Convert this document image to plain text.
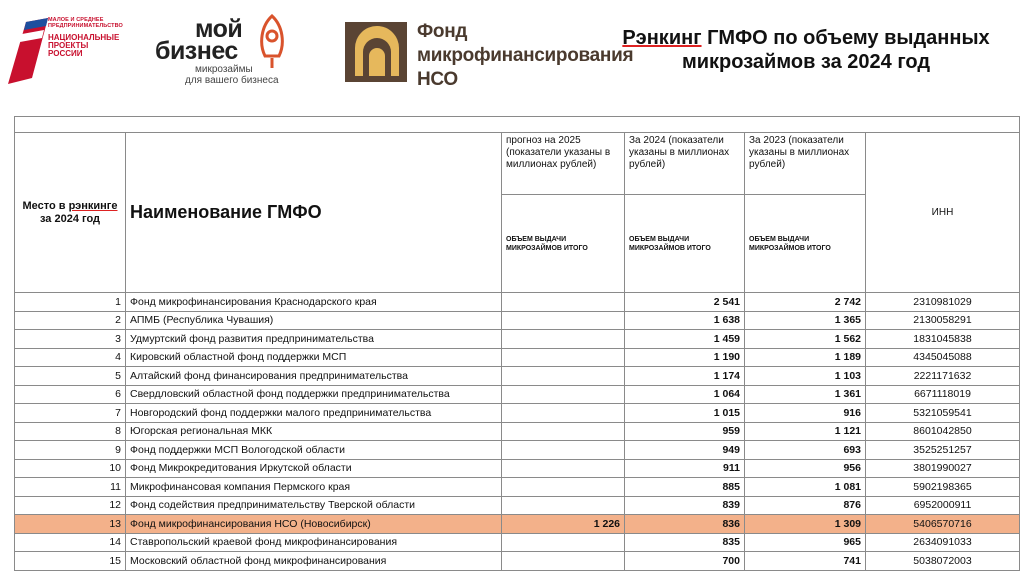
МАЛОЕ И СРЕДНЕЕ
ПРЕДПРИНИМАТЕЛЬСТВО
НАЦИОНАЛЬНЫЕ
ПРОЕКТЫ
РОССИИ
мой
бизнес
микрозаймы
для вашего бизнеса
Фонд
микрофинансирования
НСО
Рэнкинг ГМФО по объему выданных
микрозаймов за 2024 год

Место в рэнкинге
за 2024 год	Наименование ГМФО	прогноз на 2025 (показатели указаны в миллионах рублей)	За 2024 (показатели указаны в миллионах рублей)	За 2023 (показатели указаны в миллионах рублей)	ИНН
		ОБЪЕМ ВЫДАЧИ МИКРОЗАЙМОВ ИТОГО	ОБЪЕМ ВЫДАЧИ МИКРОЗАЙМОВ ИТОГО	ОБЪЕМ ВЫДАЧИ МИКРОЗАЙМОВ ИТОГО	
1	Фонд микрофинансирования Краснодарского края		2 541	2 742	2310981029
2	АПМБ (Республика Чувашия)		1 638	1 365	2130058291
3	Удмуртский фонд развития предпринимательства		1 459	1 562	1831045838
4	Кировский областной фонд поддержки МСП		1 190	1 189	4345045088
5	Алтайский фонд финансирования предпринимательства		1 174	1 103	2221171632
6	Свердловский областной фонд поддержки предпринимательства		1 064	1 361	6671118019
7	Новгородский фонд поддержки малого предпринимательства		1 015	916	5321059541
8	Югорская региональная МКК		959	1 121	8601042850
9	Фонд поддержки МСП Вологодской области		949	693	3525251257
10	Фонд Микрокредитования Иркутской области		911	956	3801990027
11	Микрофинансовая компания Пермского края		885	1 081	5902198365
12	Фонд содействия предпринимательству Тверской области		839	876	6952000911
13	Фонд микрофинансирования НСО (Новосибирск)	1 226	836	1 309	5406570716
14	Ставропольский краевой фонд микрофинансирования		835	965	2634091033
15	Московский областной фонд микрофинансирования		700	741	5038072003
